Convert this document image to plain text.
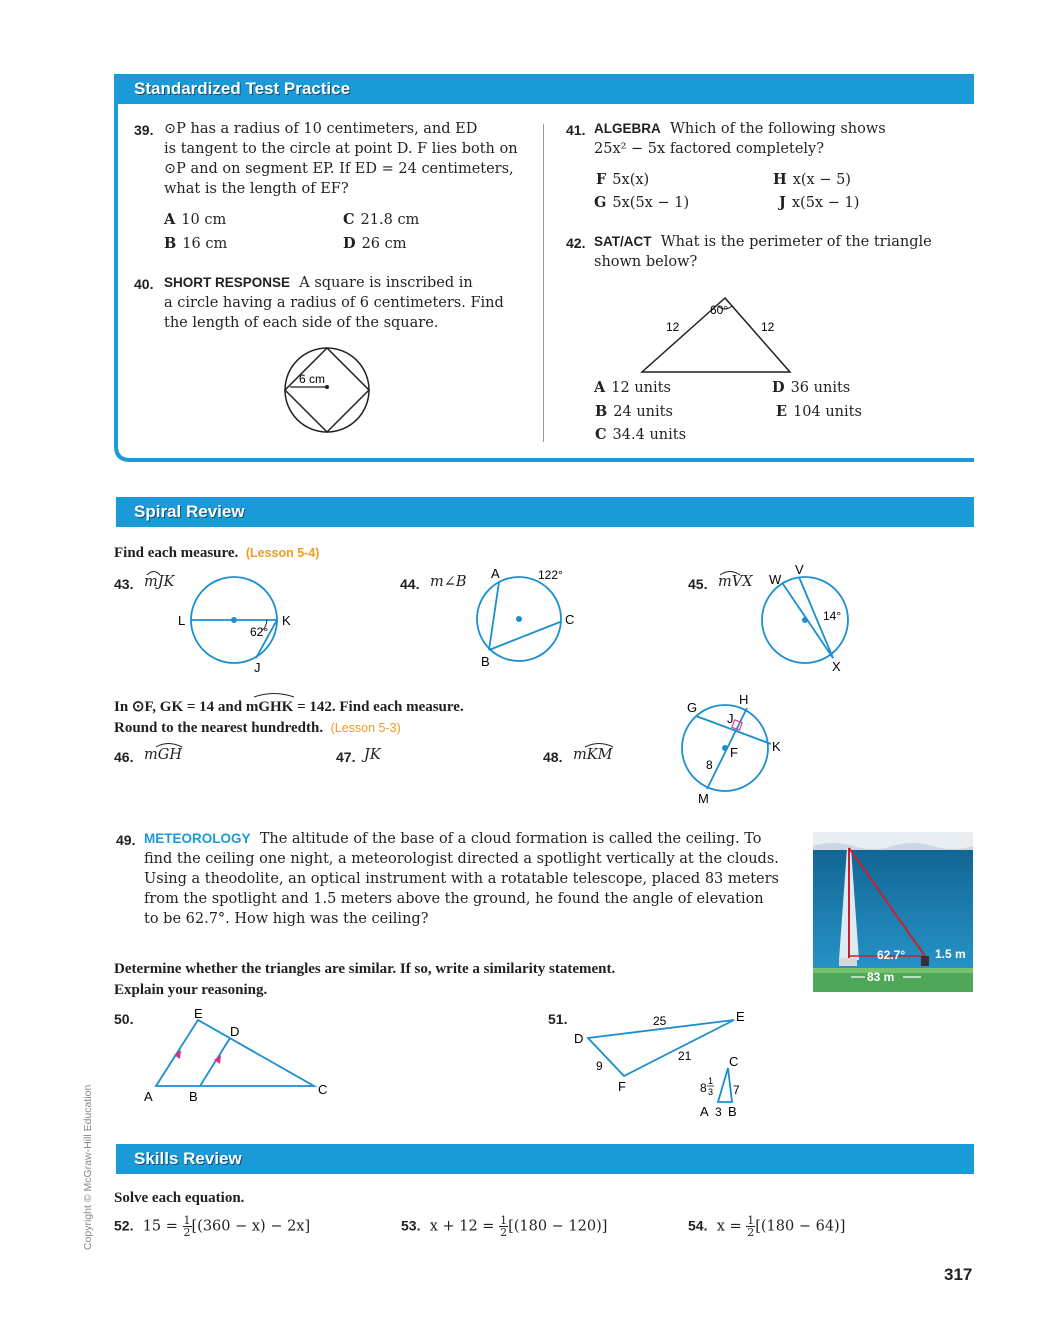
Standardized Test Practice
39. ⊙P has a radius of 10 centimeters, and ED
is tangent to the circle at point D. F lies both on
⊙P and on segment EP. If ED = 24 centimeters,
what is the length of EF?
A 10 cm	C 21.8 cm
B 16 cm	D 26 cm
40. SHORT RESPONSE A square is inscribed in
a circle having a radius of 6 centimeters. Find
the length of each side of the square.
6 cm
41. ALGEBRA Which of the following shows
25x² − 5x factored completely?
F 5x(x)	H x(x − 5)
G 5x(5x − 1)	J x(5x − 1)
42. SAT/ACT What is the perimeter of the triangle
shown below?
60°
12	12
A 12 units	D 36 units
B 24 units	E 104 units
C 34.4 units
Spiral Review
Find each measure. (Lesson 5-4)
43. mJK
L	K
J
62°
44. m∠B
A	122°
C
B
45. mVX W
V
14°
X
In ⊙F, GK = 14 and mGHK = 142. Find each measure.
Round to the nearest hundredth. (Lesson 5-3)
46. mGH	47. JK	48. mKM
G
H
J
K
F
8
M
49. METEOROLOGY The altitude of the base of a cloud formation is called the ceiling. To
find the ceiling one night, a meteorologist directed a spotlight vertically at the clouds.
Using a theodolite, an optical instrument with a rotatable telescope, placed 83 meters
from the spotlight and 1.5 meters above the ground, he found the angle of elevation
to be 62.7°. How high was the ceiling?
62.7° 1.5 m
83 m
Determine whether the triangles are similar. If so, write a similarity statement.
Explain your reasoning.
50.	E
D
A	B	C
51.
D
E
F
25
21
9	C
8 1
3 7
A 3 B
Skills Review
Solve each equation.
52. $15 = \frac{1}{2} [(360 - x) - 2x]$	53. $x + 12 = \frac{1}{2} [(180 - 120)]$	54. $x = \frac{1}{2} [(180 - 64)]$
Copyright © McGraw-Hill Education
317
